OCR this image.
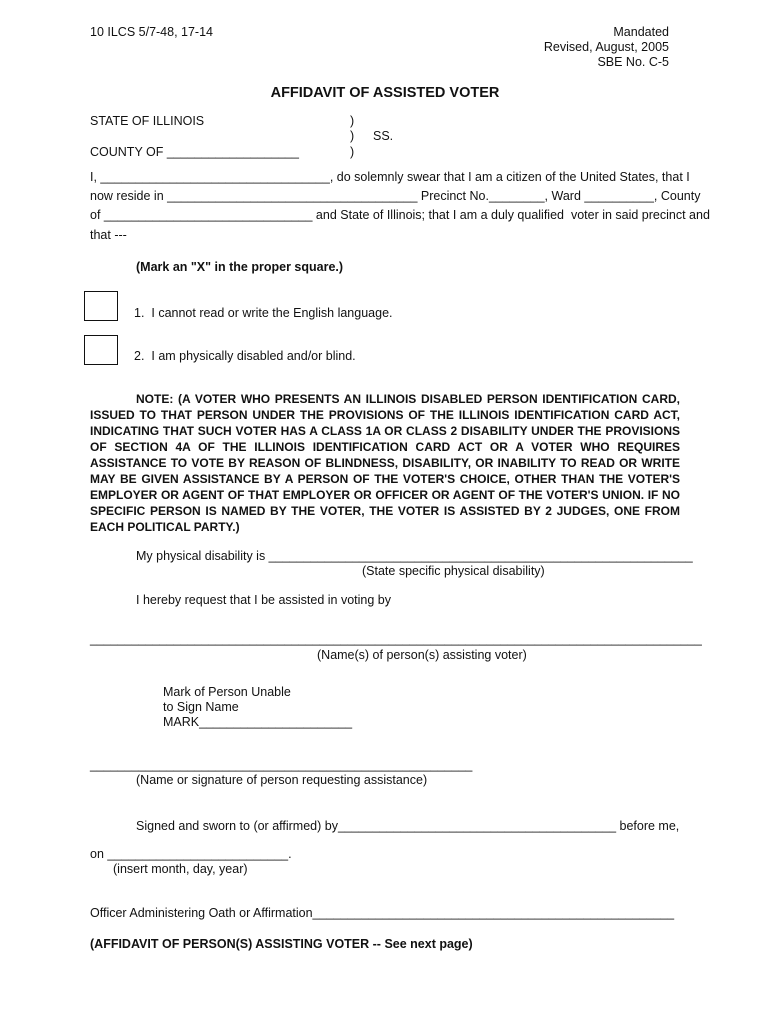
10 ILCS 5/7-48, 17-14	Mandated
Revised, August, 2005
SBE No. C-5
AFFIDAVIT OF ASSISTED VOTER
STATE OF ILLINOIS
COUNTY OF ___________________
)
)
)
SS.
I, _________________________________, do solemnly swear that I am a citizen of the United States, that I
now reside in ____________________________________ Precinct No.________, Ward __________, County
of ______________________________ and State of Illinois; that I am a duly qualified  voter in said precinct and
that ---
(Mark an "X" in the proper square.)
1.  I cannot read or write the English language.
2.  I am physically disabled and/or blind.
NOTE: (A VOTER WHO PRESENTS AN ILLINOIS DISABLED PERSON IDENTIFICATION CARD, ISSUED TO THAT PERSON UNDER THE PROVISIONS OF THE ILLINOIS IDENTIFICATION CARD ACT, INDICATING THAT SUCH VOTER HAS A CLASS 1A OR CLASS 2 DISABILITY UNDER THE PROVISIONS OF SECTION 4A OF THE ILLINOIS IDENTIFICATION CARD ACT OR A VOTER WHO REQUIRES ASSISTANCE TO VOTE BY REASON OF BLINDNESS, DISABILITY, OR INABILITY TO READ OR WRITE MAY BE GIVEN ASSISTANCE BY A PERSON OF THE VOTER'S CHOICE, OTHER THAN THE VOTER'S EMPLOYER OR AGENT OF THAT EMPLOYER OR OFFICER OR AGENT OF THE VOTER'S UNION. IF NO SPECIFIC PERSON IS NAMED BY THE VOTER, THE VOTER IS ASSISTED BY 2 JUDGES, ONE FROM EACH POLITICAL PARTY.)
My physical disability is _____________________________________________________________
(State specific physical disability)
I hereby request that I be assisted in voting by
________________________________________________________________________________________
(Name(s) of person(s) assisting voter)
Mark of Person Unable
to Sign Name
MARK______________________
_______________________________________________________
(Name or signature of person requesting assistance)
Signed and sworn to (or affirmed) by________________________________________ before me,
on __________________________.
(insert month, day, year)
Officer Administering Oath or Affirmation____________________________________________________
(AFFIDAVIT OF PERSON(S) ASSISTING VOTER -- See next page)
